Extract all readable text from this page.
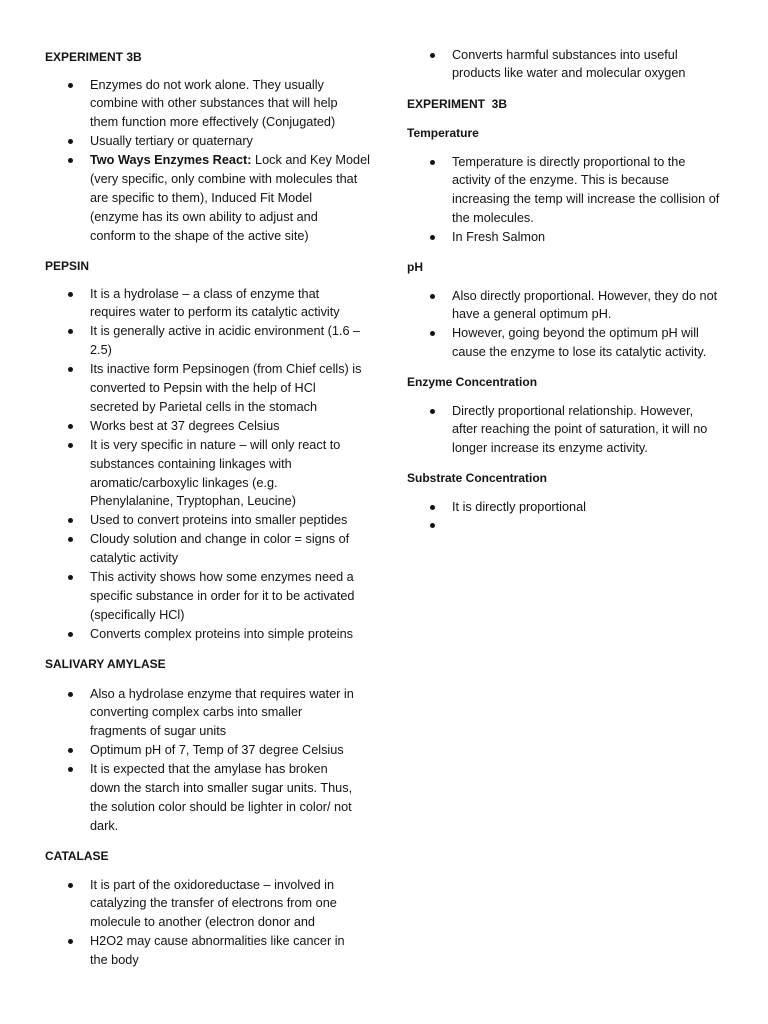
EXPERIMENT 3B
Enzymes do not work alone. They usually
combine with other substances that will help
them function more effectively (Conjugated)
Usually tertiary or quaternary
Two Ways Enzymes React: Lock and Key Model
(very specific, only combine with molecules that
are specific to them), Induced Fit Model
(enzyme has its own ability to adjust and
conform to the shape of the active site)
PEPSIN
It is a hydrolase – a class of enzyme that
requires water to perform its catalytic activity
It is generally active in acidic environment (1.6 –
2.5)
Its inactive form Pepsinogen (from Chief cells) is
converted to Pepsin with the help of HCl
secreted by Parietal cells in the stomach
Works best at 37 degrees Celsius
It is very specific in nature – will only react to
substances containing linkages with
aromatic/carboxylic linkages (e.g.
Phenylalanine, Tryptophan, Leucine)
Used to convert proteins into smaller peptides
Cloudy solution and change in color = signs of
catalytic activity
This activity shows how some enzymes need a
specific substance in order for it to be activated
(specifically HCl)
Converts complex proteins into simple proteins
SALIVARY AMYLASE
Also a hydrolase enzyme that requires water in
converting complex carbs into smaller
fragments of sugar units
Optimum pH of 7, Temp of 37 degree Celsius
It is expected that the amylase has broken
down the starch into smaller sugar units. Thus,
the solution color should be lighter in color/ not
dark.
CATALASE
It is part of the oxidoreductase – involved in
catalyzing the transfer of electrons from one
molecule to another (electron donor and
H2O2 may cause abnormalities like cancer in
the body
Converts harmful substances into useful
products like water and molecular oxygen
EXPERIMENT  3B
Temperature
Temperature is directly proportional to the
activity of the enzyme. This is because
increasing the temp will increase the collision of
the molecules.
In Fresh Salmon
pH
Also directly proportional. However, they do not
have a general optimum pH.
However, going beyond the optimum pH will
cause the enzyme to lose its catalytic activity.
Enzyme Concentration
Directly proportional relationship. However,
after reaching the point of saturation, it will no
longer increase its enzyme activity.
Substrate Concentration
It is directly proportional
